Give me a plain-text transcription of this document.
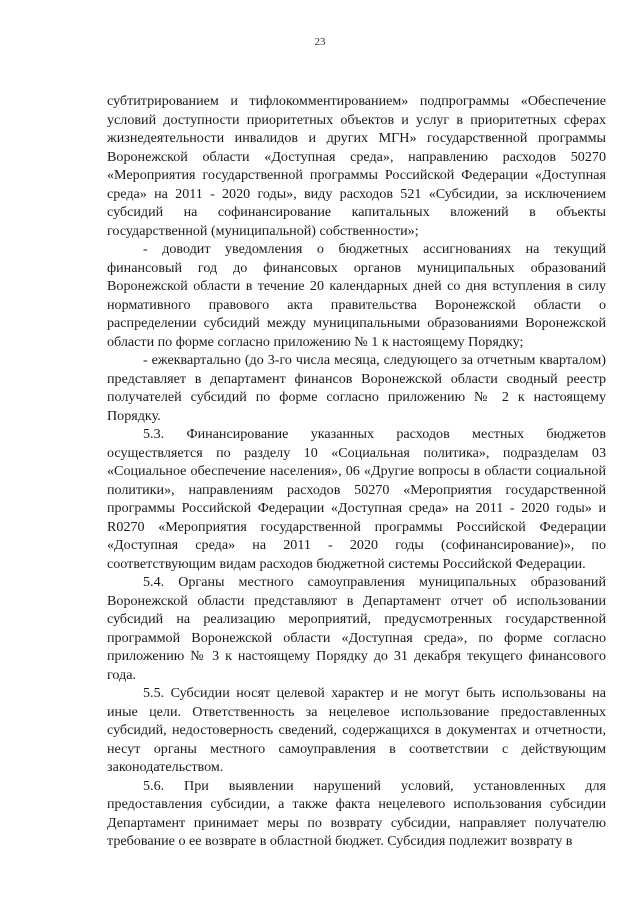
23

субтитрированием и тифлокомментированием» подпрограммы «Обеспечение условий доступности приоритетных объектов и услуг в приоритетных сферах жизнедеятельности инвалидов и других МГН» государственной программы Воронежской области «Доступная среда», направлению расходов 50270 «Мероприятия государственной программы Российской Федерации «Доступная среда» на 2011 - 2020 годы», виду расходов 521 «Субсидии, за исключением субсидий на софинансирование капитальных вложений в объекты государственной (муниципальной) собственности»;

- доводит уведомления о бюджетных ассигнованиях на текущий финансовый год до финансовых органов муниципальных образований Воронежской области в течение 20 календарных дней со дня вступления в силу нормативного правового акта правительства Воронежской области о распределении субсидий между муниципальными образованиями Воронежской области по форме согласно приложению № 1 к настоящему Порядку;

- ежеквартально (до 3-го числа месяца, следующего за отчетным кварталом) представляет в департамент финансов Воронежской области сводный реестр получателей субсидий по форме согласно приложению № 2 к настоящему Порядку.

5.3. Финансирование указанных расходов местных бюджетов осуществляется по разделу 10 «Социальная политика», подразделам 03 «Социальное обеспечение населения», 06 «Другие вопросы в области социальной политики», направлениям расходов 50270 «Мероприятия государственной программы Российской Федерации «Доступная среда» на 2011 - 2020 годы» и R0270 «Мероприятия государственной программы Российской Федерации «Доступная среда» на 2011 - 2020 годы (софинансирование)», по соответствующим видам расходов бюджетной системы Российской Федерации.

5.4. Органы местного самоуправления муниципальных образований Воронежской области представляют в Департамент отчет об использовании субсидий на реализацию мероприятий, предусмотренных государственной программой Воронежской области «Доступная среда», по форме согласно приложению № 3 к настоящему Порядку до 31 декабря текущего финансового года.

5.5. Субсидии носят целевой характер и не могут быть использованы на иные цели. Ответственность за нецелевое использование предоставленных субсидий, недостоверность сведений, содержащихся в документах и отчетности, несут органы местного самоуправления в соответствии с действующим законодательством.

5.6. При выявлении нарушений условий, установленных для предоставления субсидии, а также факта нецелевого использования субсидии Департамент принимает меры по возврату субсидии, направляет получателю требование о ее возврате в областной бюджет. Субсидия подлежит возврату в
